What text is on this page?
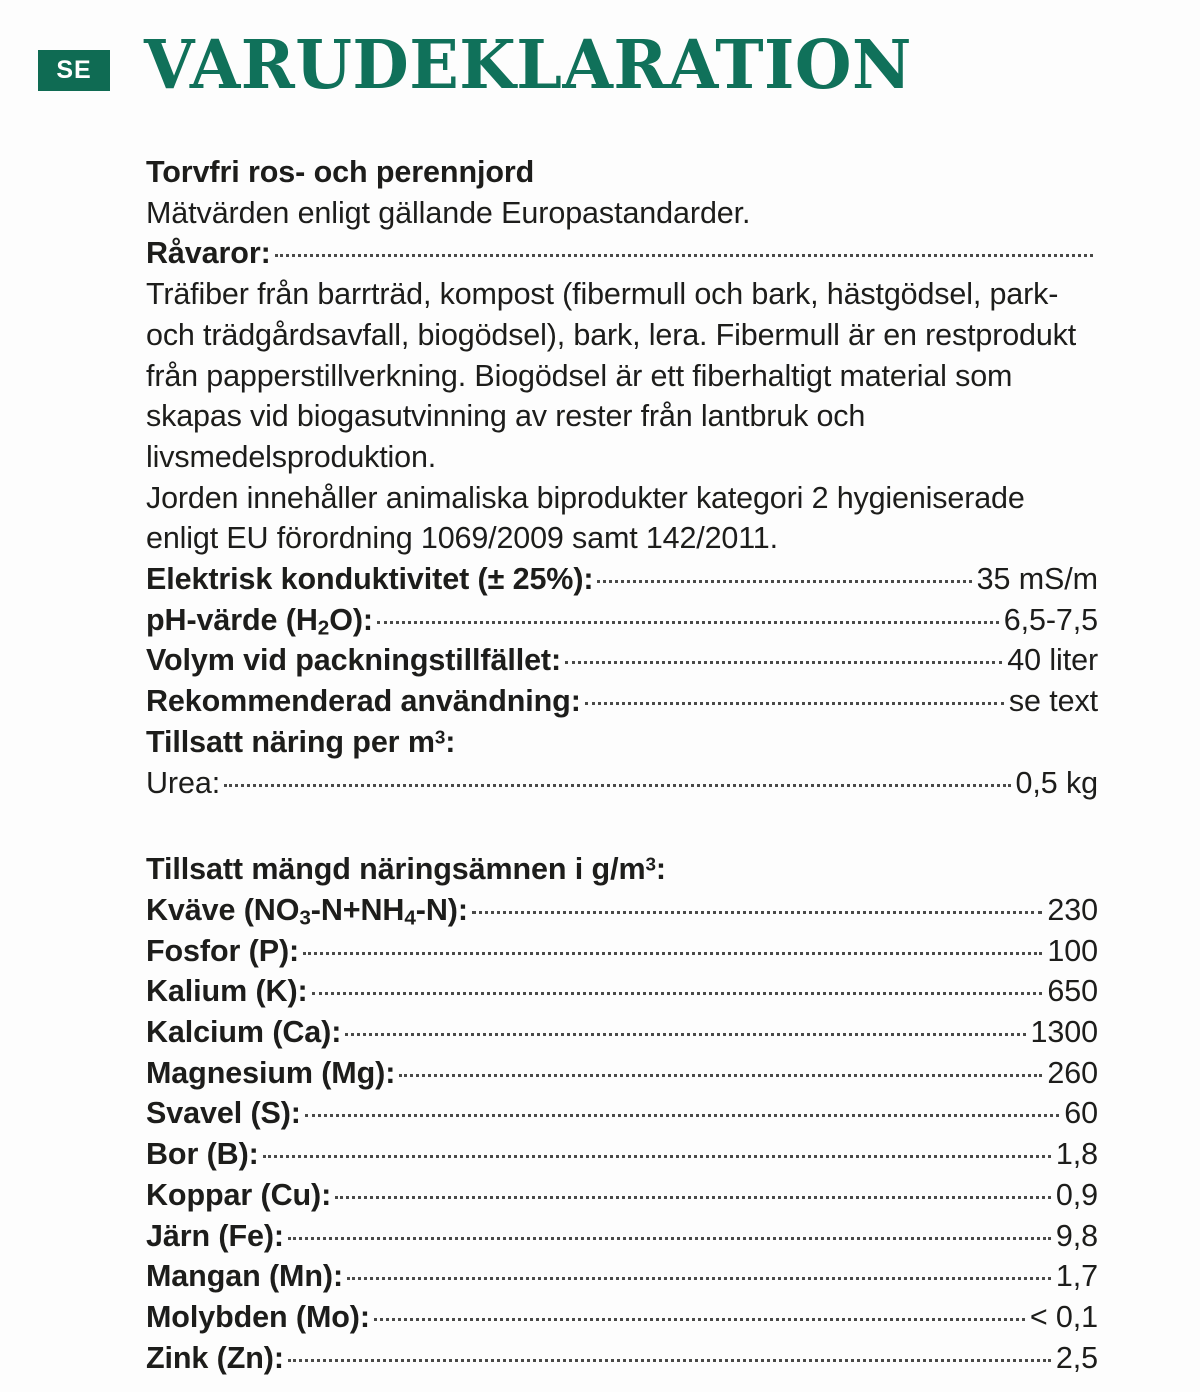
SE VARUDEKLARATION
Torvfri ros- och perennjord
Mätvärden enligt gällande Europastandarder.
Råvaror:
Träfiber från barrträd, kompost (fibermull och bark, hästgödsel, park- och trädgårdsavfall, biogödsel), bark, lera. Fibermull är en restprodukt från papperstillverkning. Biogödsel är ett fiberhaltigt material som skapas vid biogasutvinning av rester från lantbruk och livsmedelsproduktion.
Jorden innehåller animaliska biprodukter kategori 2 hygieniserade enligt EU förordning 1069/2009 samt 142/2011.
Elektrisk konduktivitet (± 25%):	35 mS/m
pH-värde $(H_2O)$:	6,5-7,5
Volym vid packningstillfället:	40 liter
Rekommenderad användning:	se text
Tillsatt näring per $m^3$:
Urea:	0,5 kg
Tillsatt mängd näringsämnen i $g/m^3$:
Kväve $(NO_3-N+NH_4-N)$:	230
Fosfor (P):	100
Kalium (K):	650
Kalcium (Ca):	1300
Magnesium (Mg):	260
Svavel (S):	60
Bor (B):	1,8
Koppar (Cu):	0,9
Järn (Fe):	9,8
Mangan (Mn):	1,7
Molybden (Mo):	< 0,1
Zink (Zn):	2,5
